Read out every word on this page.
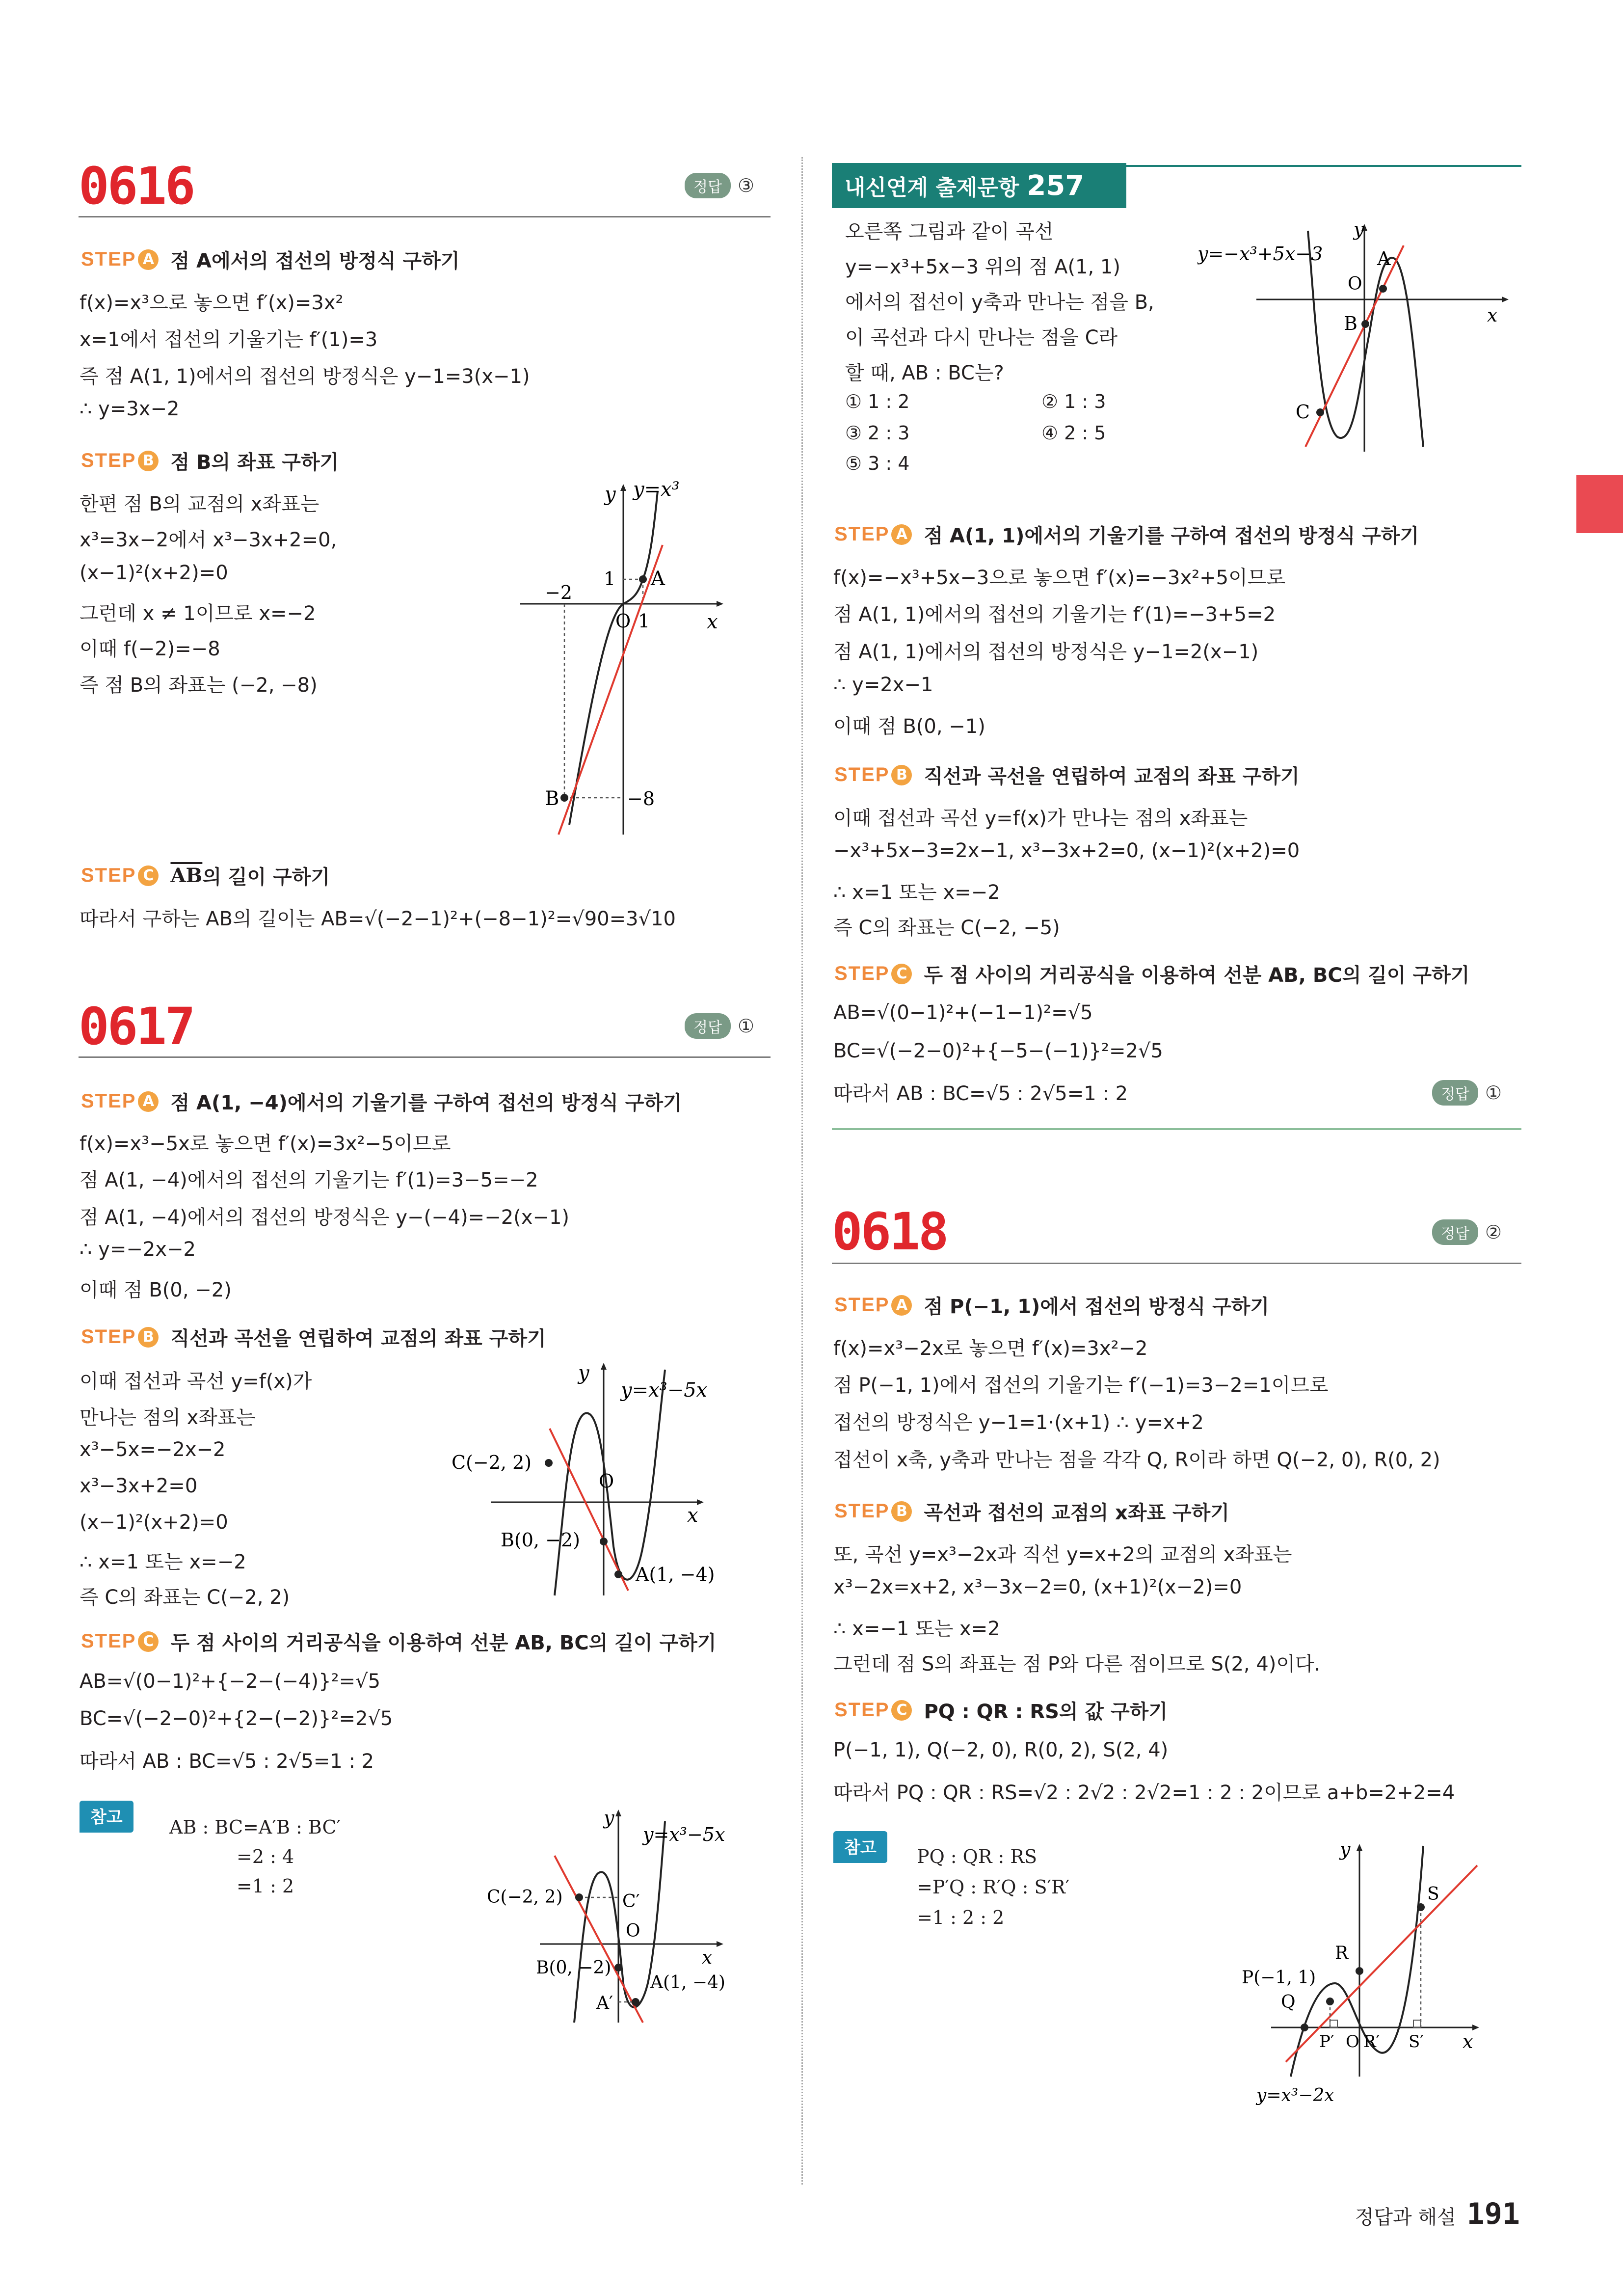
0616	정답 ③
STEP A 점 A에서의 접선의 방정식 구하기
f(x)=x³으로 놓으면 f′(x)=3x²
x=1에서 접선의 기울기는 f′(1)=3
즉 점 A(1, 1)에서의 접선의 방정식은 y−1=3(x−1)
∴ y=3x−2
STEP B 점 B의 좌표 구하기
한편 점 B의 교점의 x좌표는
x³=3x−2에서 x³−3x+2=0,
(x−1)²(x+2)=0
그런데 x ≠ 1이므로 x=−2
이때 f(−2)=−8
즉 점 B의 좌표는 (−2, −8)
y=x³
y
x
O 1
1
−2
−8
A
B
STEP C $\overline{AB}$ 의 길이 구하기
따라서 구하는 AB의 길이는 AB=√(−2−1)²+(−8−1)²=√90=3√10
0617	정답 ①
STEP A 점 A(1, −4)에서의 기울기를 구하여 접선의 방정식 구하기
f(x)=x³−5x로 놓으면 f′(x)=3x²−5이므로
점 A(1, −4)에서의 접선의 기울기는 f′(1)=3−5=−2
점 A(1, −4)에서의 접선의 방정식은 y−(−4)=−2(x−1)
∴ y=−2x−2
이때 점 B(0, −2)
STEP B 직선과 곡선을 연립하여 교점의 좌표 구하기
이때 접선과 곡선 y=f(x)가
만나는 점의 x좌표는
x³−5x=−2x−2
x³−3x+2=0
(x−1)²(x+2)=0
∴ x=1 또는 x=−2
즉 C의 좌표는 C(−2, 2)
y=x³−5x
y
x
O
C(−2, 2)
B(0, −2)
A(1, −4)
STEP C 두 점 사이의 거리공식을 이용하여 선분 AB, BC의 길이 구하기
AB=√(0−1)²+{−2−(−4)}²=√5
BC=√(−2−0)²+{2−(−2)}²=2√5
따라서 AB : BC=√5 : 2√5=1 : 2
참고	AB : BC=A′B : BC′
=2 : 4
=1 : 2
y=x³−5x
y
x
O
C(−2, 2)	C′
B(0, −2)
A(1, −4)
A′
내신연계 출제문항 257
오른쪽 그림과 같이 곡선
y=−x³+5x−3 위의 점 A(1, 1)
에서의 접선이 y축과 만나는 점을 B,
이 곡선과 다시 만나는 점을 C라
할 때, AB : BC는?
① 1 : 2	② 1 : 3
③ 2 : 3	④ 2 : 5
⑤ 3 : 4
y=−x³+5x−3
y
x
O
A
B
C
STEP A 점 A(1, 1)에서의 기울기를 구하여 접선의 방정식 구하기
f(x)=−x³+5x−3으로 놓으면 f′(x)=−3x²+5이므로
점 A(1, 1)에서의 접선의 기울기는 f′(1)=−3+5=2
점 A(1, 1)에서의 접선의 방정식은 y−1=2(x−1)
∴ y=2x−1
이때 점 B(0, −1)
STEP B 직선과 곡선을 연립하여 교점의 좌표 구하기
이때 접선과 곡선 y=f(x)가 만나는 점의 x좌표는
−x³+5x−3=2x−1, x³−3x+2=0, (x−1)²(x+2)=0
∴ x=1 또는 x=−2
즉 C의 좌표는 C(−2, −5)
STEP C 두 점 사이의 거리공식을 이용하여 선분 AB, BC의 길이 구하기
AB=√(0−1)²+(−1−1)²=√5
BC=√(−2−0)²+{−5−(−1)}²=2√5
따라서 AB : BC=√5 : 2√5=1 : 2	정답 ①
0618	정답 ②
STEP A 점 P(−1, 1)에서 접선의 방정식 구하기
f(x)=x³−2x로 놓으면 f′(x)=3x²−2
점 P(−1, 1)에서 접선의 기울기는 f′(−1)=3−2=1이므로
접선의 방정식은 y−1=1·(x+1) ∴ y=x+2
접선이 x축, y축과 만나는 점을 각각 Q, R이라 하면 Q(−2, 0), R(0, 2)
STEP B 곡선과 접선의 교점의 x좌표 구하기
또, 곡선 y=x³−2x과 직선 y=x+2의 교점의 x좌표는
x³−2x=x+2, x³−3x−2=0, (x+1)²(x−2)=0
∴ x=−1 또는 x=2
그런데 점 S의 좌표는 점 P와 다른 점이므로 S(2, 4)이다.
STEP C PQ : QR : RS의 값 구하기
P(−1, 1), Q(−2, 0), R(0, 2), S(2, 4)
따라서 PQ : QR : RS=√2 : 2√2 : 2√2=1 : 2 : 2이므로 a+b=2+2=4
참고	PQ : QR : RS
=P′Q : R′Q : S′R′
=1 : 2 : 2
y
x
P(−1, 1)
Q
R
S
P′ O R′ S′
y=x³−2x
정답과 해설 191
